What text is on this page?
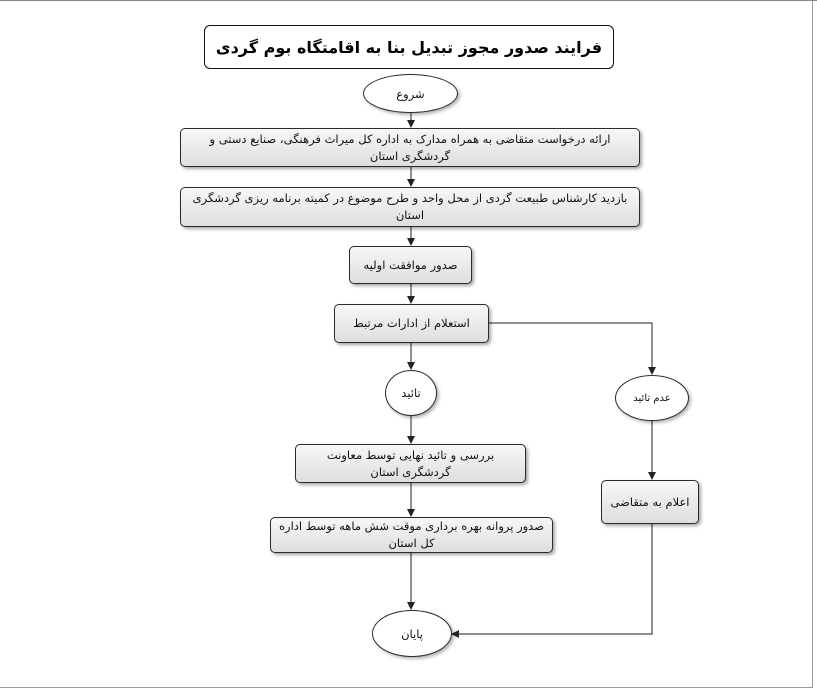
فرایند صدور مجوز تبدیل بنا به اقامتگاه بوم گردی
شروع
ارائه درخواست متقاضی به همراه مدارک به اداره کل میراث فرهنگی، صنایع دستی و گردشگری استان
بازدید کارشناس طبیعت گردی از محل واحد و طرح موضوع در کمیته برنامه ریزی گردشگری استان
صدور موافقت اولیه
استعلام از ادارات مرتبط
تائید	عدم تائید
بررسی و تائید نهایی توسط معاونت گردشگری استان
صدور پروانه بهره برداری موقت شش ماهه توسط اداره کل استان
اعلام به متقاضی
پایان
